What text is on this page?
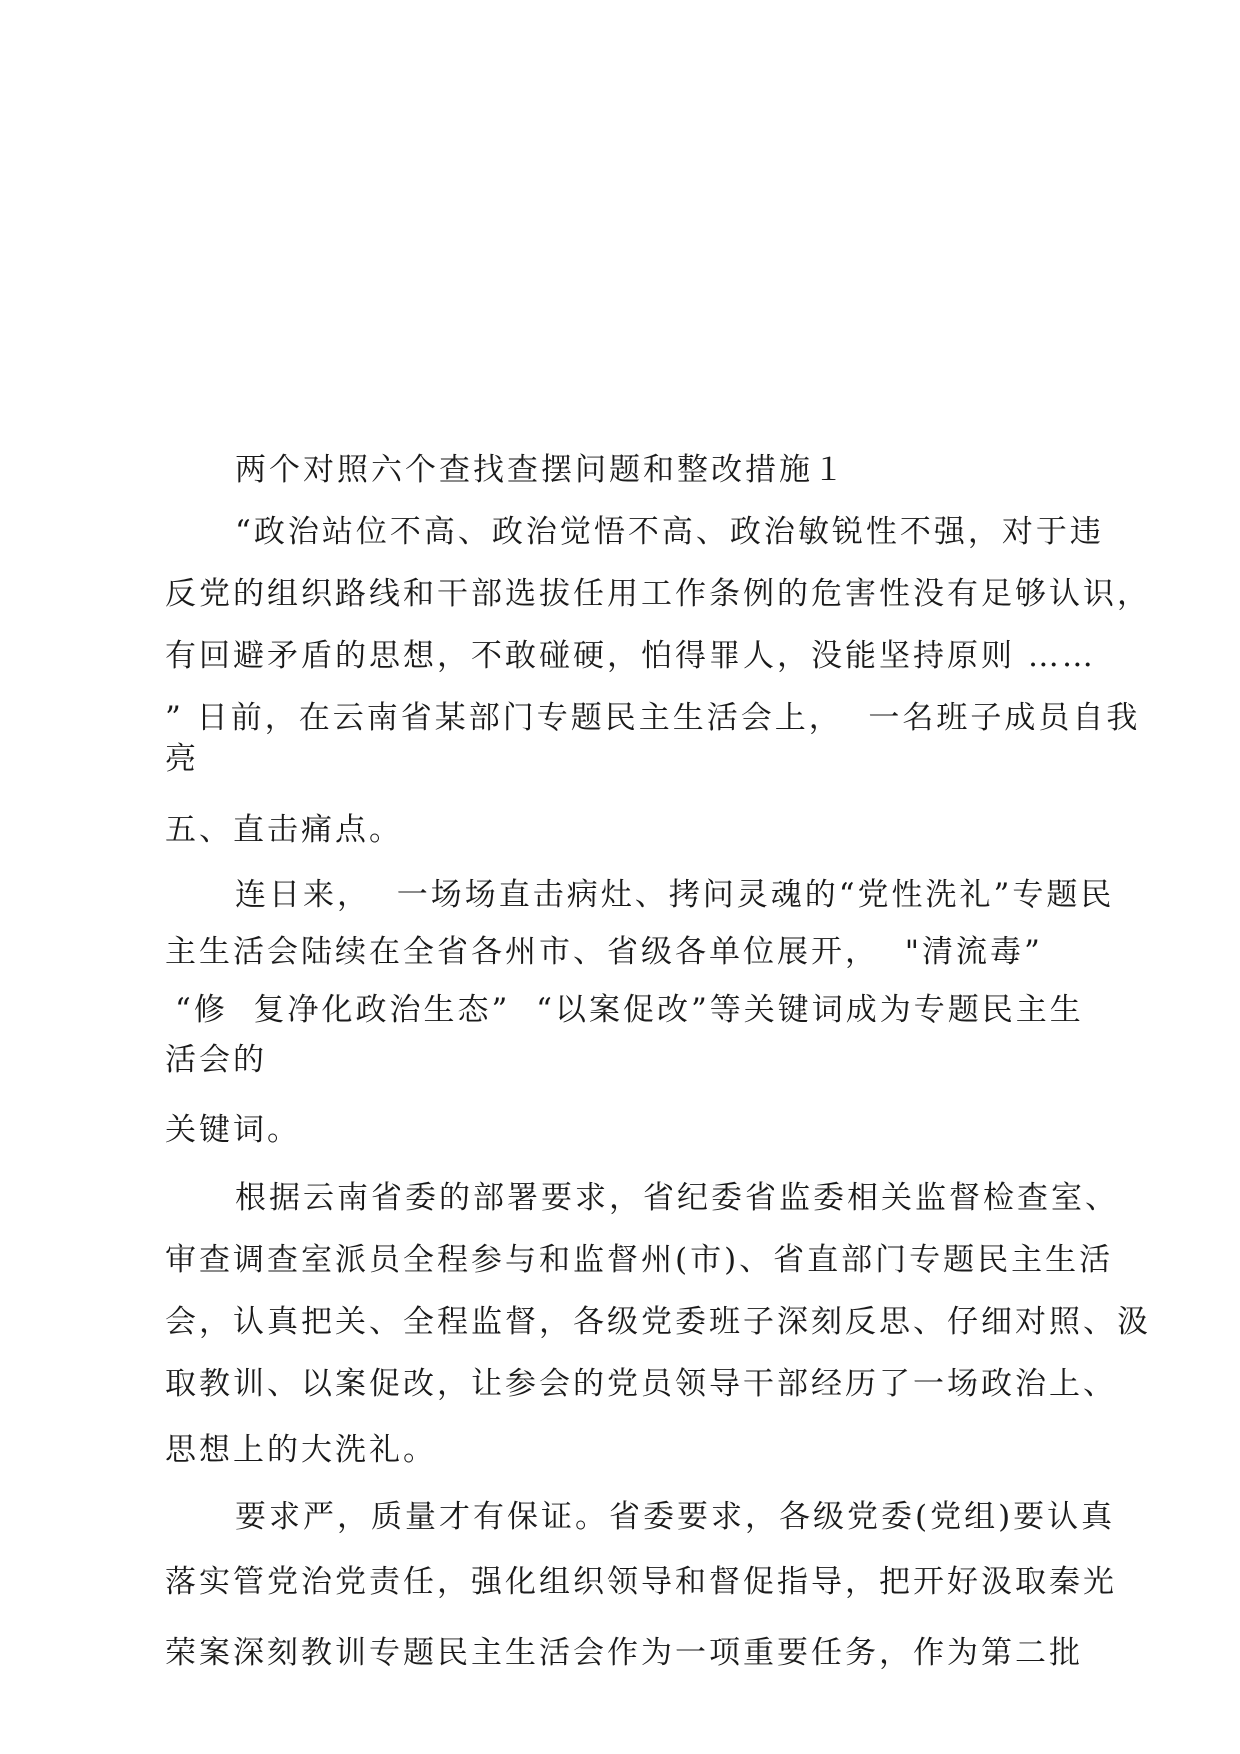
两个对照六个查找查摆问题和整改措施１

“政治站位不高、政治觉悟不高、政治敏锐性不强，对于违

反党的组织路线和干部选拔任用工作条例的危害性没有足够认识，

有回避矛盾的思想，不敢碰硬，怕得罪人，没能坚持原则 ……

” 日前，在云南省某部门专题民主生活会上，  一名班子成员自我

亮

五、直击痛点。

连日来，  一场场直击病灶、拷问灵魂的“党性洗礼”专题民

主生活会陆续在全省各州市、省级各单位展开，  "清流毒”

“修  复净化政治生态”  “以案促改”等关键词成为专题民主生

活会的

关键词。

根据云南省委的部署要求，省纪委省监委相关监督检查室、

审查调查室派员全程参与和监督州(市)、省直部门专题民主生活

会，认真把关、全程监督，各级党委班子深刻反思、仔细对照、汲

取教训、以案促改，让参会的党员领导干部经历了一场政治上、

思想上的大洗礼。

要求严，质量才有保证。省委要求，各级党委(党组)要认真

落实管党治党责任，强化组织领导和督促指导，把开好汲取秦光

荣案深刻教训专题民主生活会作为一项重要任务，作为第二批
